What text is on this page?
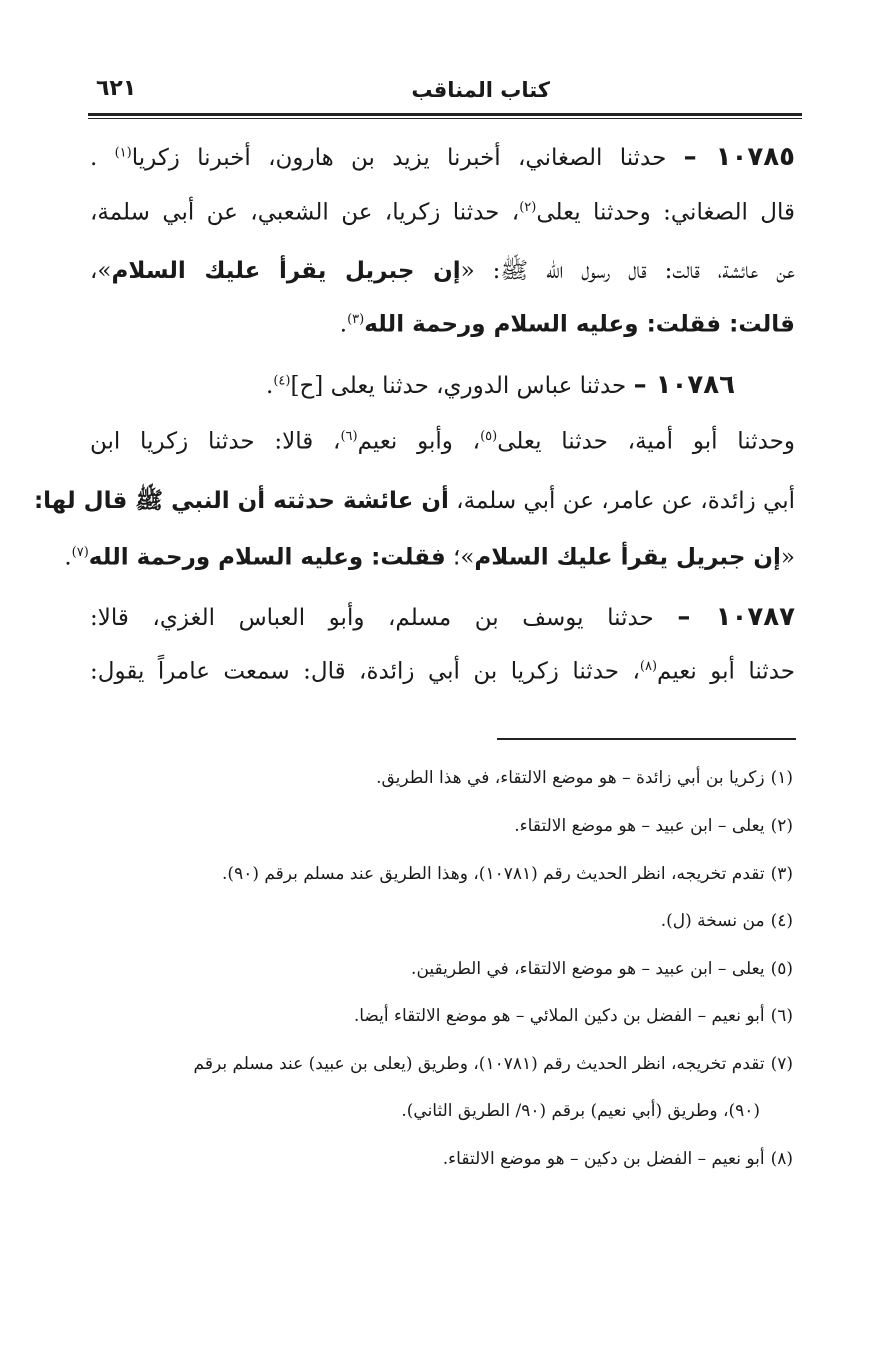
كتاب المناقب
٦٢١
١٠٧٨٥ – حدثنا الصغاني، أخبرنا يزيد بن هارون، أخبرنا زكريا$^{(١)}$ .
قال الصغاني: وحدثنا يعلى$^{(٢)}$، حدثنا زكريا، عن الشعبي، عن أبي سلمة،
عن عائشة، قالت: قال رسول الله ﷺ: «إن جبريل يقرأ عليك السلام»،
قالت: فقلت: وعليه السلام ورحمة الله$^{(٣)}$.
١٠٧٨٦ – حدثنا عباس الدوري، حدثنا يعلى [ح]$^{(٤)}$.
وحدثنا أبو أمية، حدثنا يعلى$^{(٥)}$، وأبو نعيم$^{(٦)}$، قالا: حدثنا زكريا ابن
أبي زائدة، عن عامر، عن أبي سلمة، أن عائشة حدثته أن النبي ﷺ قال لها:
«إن جبريل يقرأ عليك السلام»؛ فقلت: وعليه السلام ورحمة الله$^{(٧)}$.
١٠٧٨٧ – حدثنا يوسف بن مسلم، وأبو العباس الغزي، قالا:
حدثنا أبو نعيم$^{(٨)}$، حدثنا زكريا بن أبي زائدة، قال: سمعت عامراً يقول:
(١)زكريا بن أبي زائدة – هو موضع الالتقاء، في هذا الطريق.
(٢)يعلى – ابن عبيد – هو موضع الالتقاء.
(٣)تقدم تخريجه، انظر الحديث رقم (١٠٧٨١)، وهذا الطريق عند مسلم برقم (٩٠).
(٤)من نسخة (ل).
(٥)يعلى – ابن عبيد – هو موضع الالتقاء، في الطريقين.
(٦)أبو نعيم – الفضل بن دكين الملائي – هو موضع الالتقاء أيضا.
(٧)تقدم تخريجه، انظر الحديث رقم (١٠٧٨١)، وطريق (يعلى بن عبيد) عند مسلم برقم
(٩٠)، وطريق (أبي نعيم) برقم (٩٠/ الطريق الثاني).
(٨)أبو نعيم – الفضل بن دكين – هو موضع الالتقاء.
